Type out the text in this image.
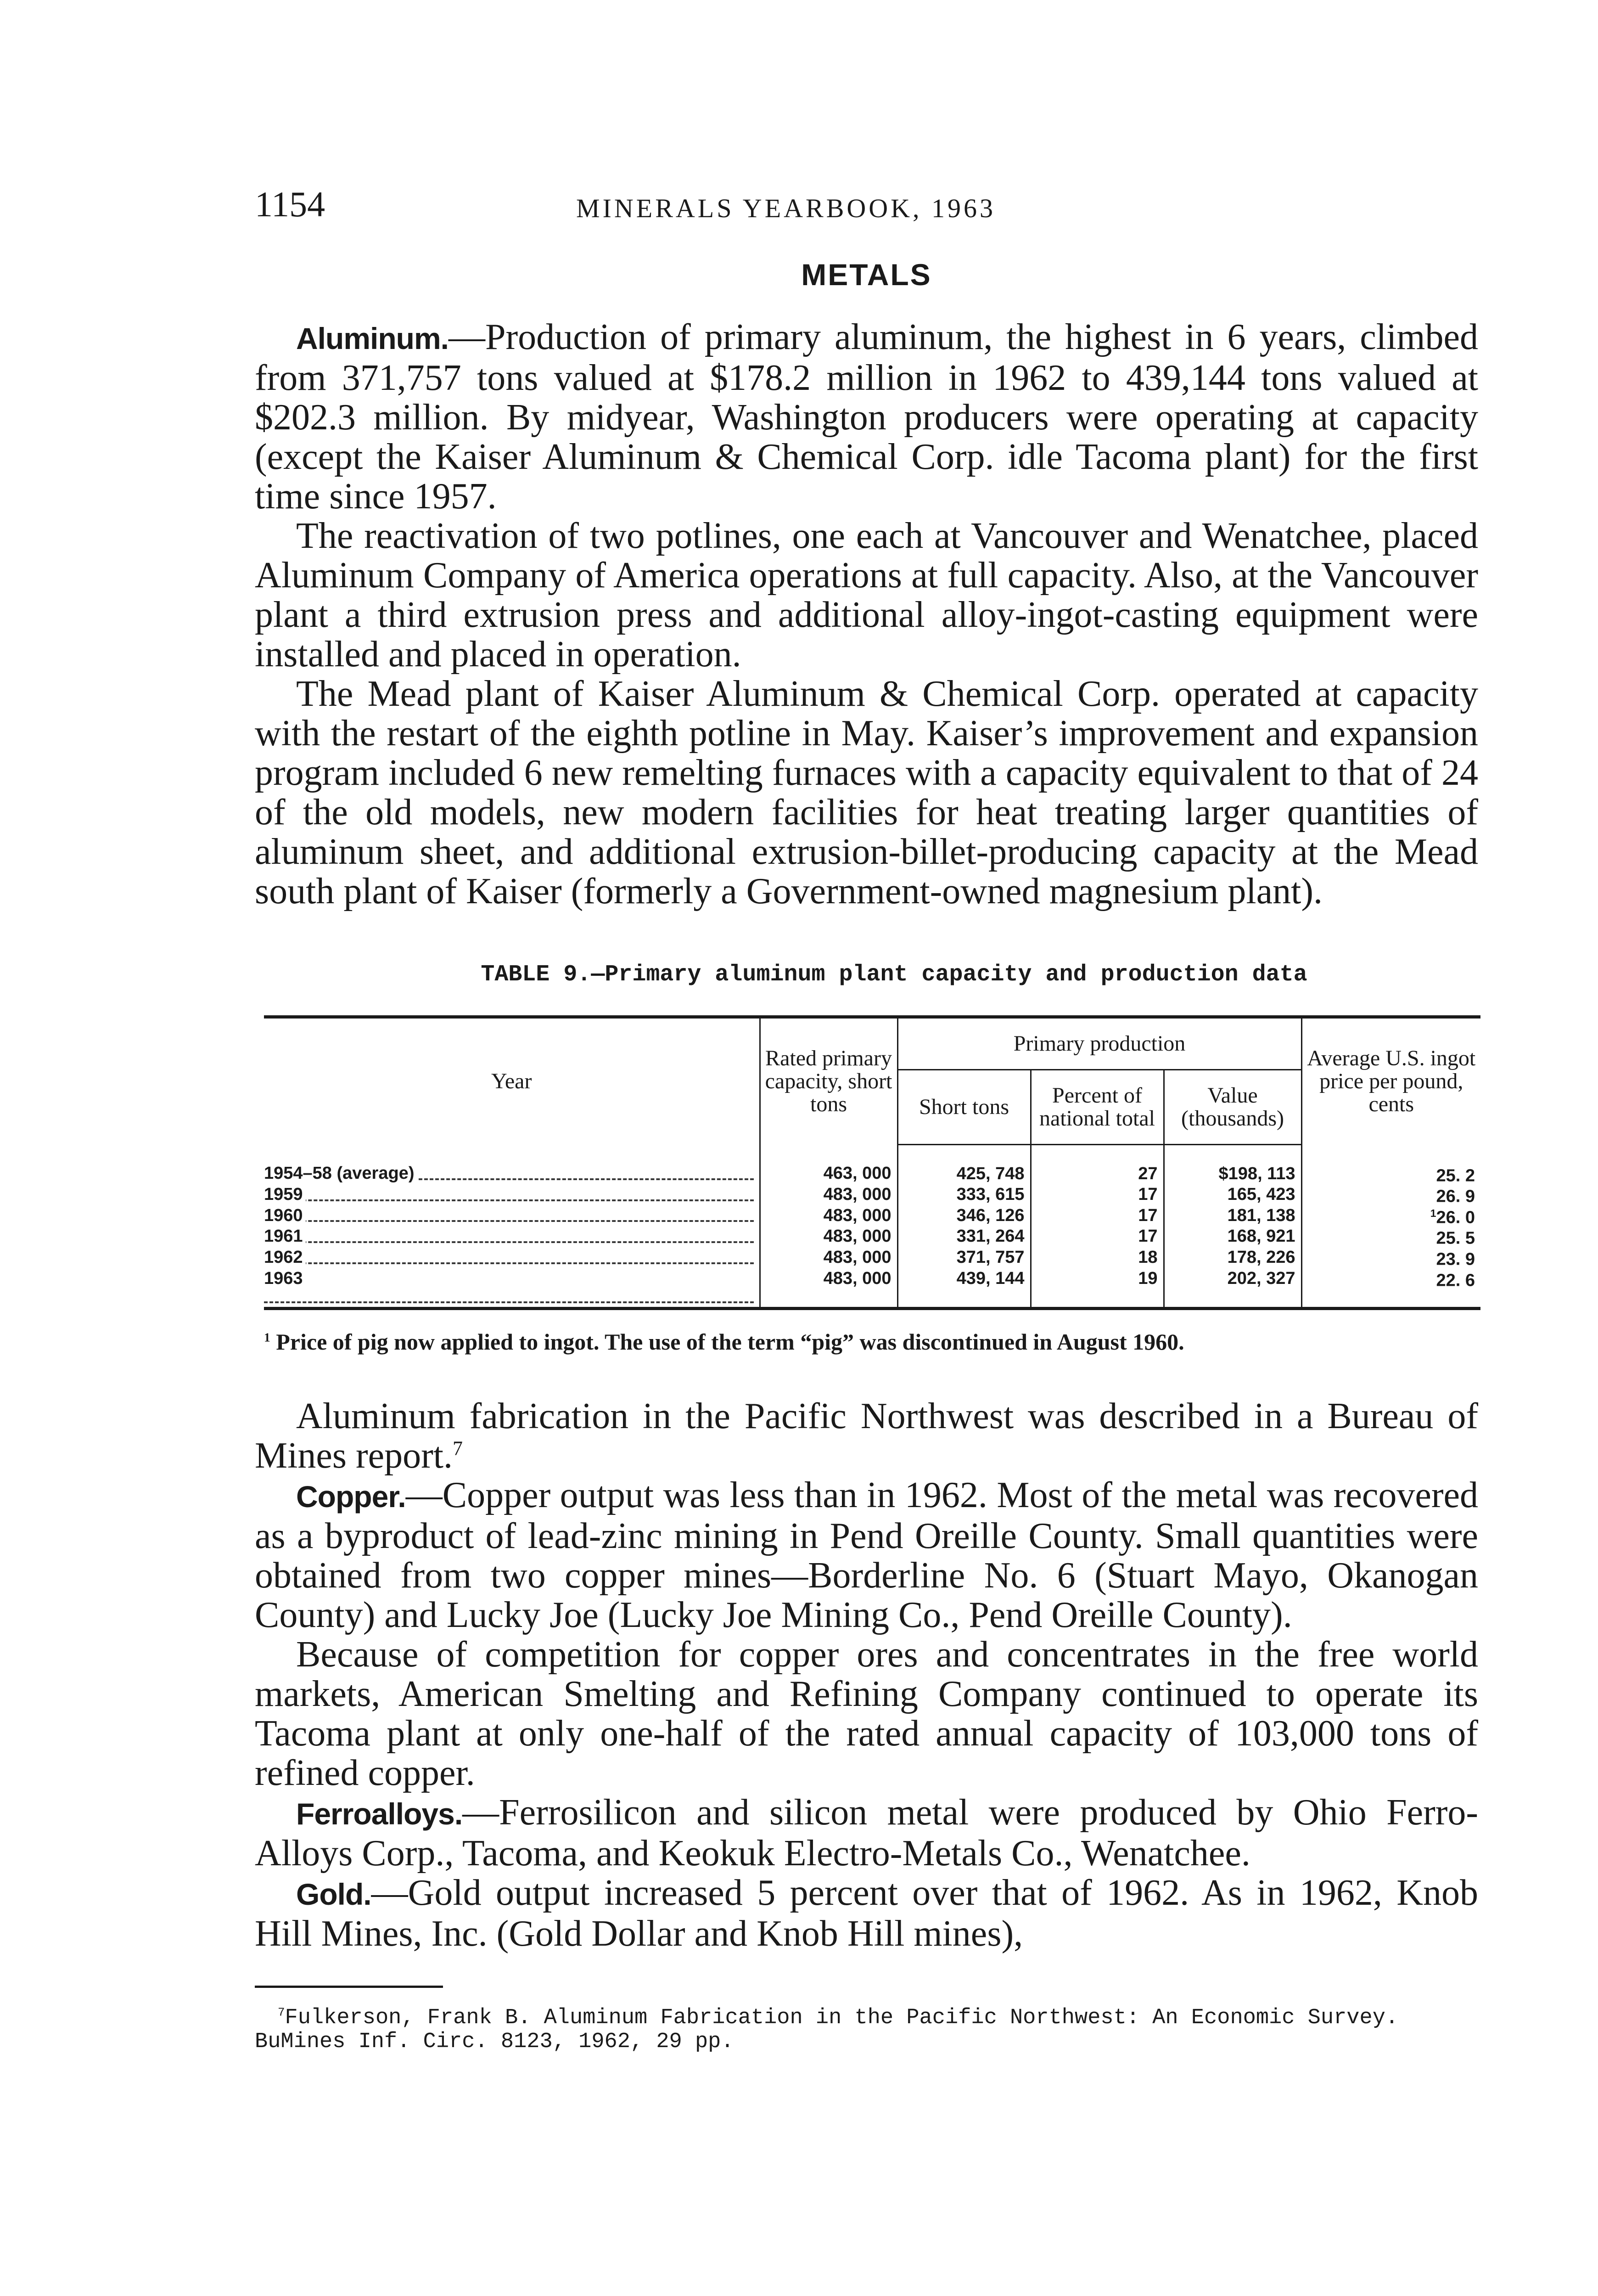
1154	MINERALS YEARBOOK, 1963
METALS

Aluminum.—Production of primary aluminum, the highest in 6 years, climbed from 371,757 tons valued at $178.2 million in 1962 to 439,144 tons valued at $202.3 million. By midyear, Washington producers were operating at capacity (except the Kaiser Aluminum & Chemical Corp. idle Tacoma plant) for the first time since 1957.

The reactivation of two potlines, one each at Vancouver and Wenatchee, placed Aluminum Company of America operations at full capacity. Also, at the Vancouver plant a third extrusion press and additional alloy-ingot-casting equipment were installed and placed in operation.

The Mead plant of Kaiser Aluminum & Chemical Corp. operated at capacity with the restart of the eighth potline in May. Kaiser’s improvement and expansion program included 6 new remelting furnaces with a capacity equivalent to that of 24 of the old models, new modern facilities for heat treating larger quantities of aluminum sheet, and additional extrusion-billet-producing capacity at the Mead south plant of Kaiser (formerly a Government-owned magnesium plant).

TABLE 9.—Primary aluminum plant capacity and production data
Year	Rated primary capacity, short tons	Primary production			Average U.S. ingot price per pound, cents
		Short tons	Percent of national total	Value (thousands)	
1954–58 (average)	463, 000	425, 748	27	$198, 113	25. 2
1959	483, 000	333, 615	17	165, 423	26. 9
1960	483, 000	346, 126	17	181, 138	$^1$26. 0
1961	483, 000	331, 264	17	168, 921	25. 5
1962	483, 000	371, 757	18	178, 226	23. 9
1963	483, 000	439, 144	19	202, 327	22. 6
$^1$ Price of pig now applied to ingot. The use of the term “pig” was discontinued in August 1960.

Aluminum fabrication in the Pacific Northwest was described in a Bureau of Mines report.$^7$

Copper.—Copper output was less than in 1962. Most of the metal was recovered as a byproduct of lead-zinc mining in Pend Oreille County. Small quantities were obtained from two copper mines—Borderline No. 6 (Stuart Mayo, Okanogan County) and Lucky Joe (Lucky Joe Mining Co., Pend Oreille County).

Because of competition for copper ores and concentrates in the free world markets, American Smelting and Refining Company continued to operate its Tacoma plant at only one-half of the rated annual capacity of 103,000 tons of refined copper.

Ferroalloys.—Ferrosilicon and silicon metal were produced by Ohio Ferro-Alloys Corp., Tacoma, and Keokuk Electro-Metals Co., Wenatchee.

Gold.—Gold output increased 5 percent over that of 1962. As in 1962, Knob Hill Mines, Inc. (Gold Dollar and Knob Hill mines),

$^7$Fulkerson, Frank B. Aluminum Fabrication in the Pacific Northwest: An Economic Survey. BuMines Inf. Circ. 8123, 1962, 29 pp.
